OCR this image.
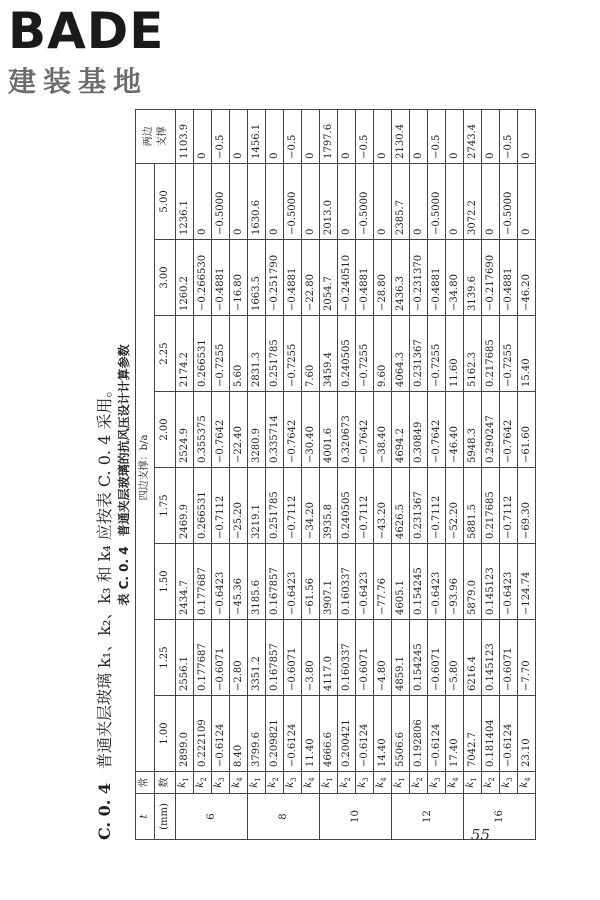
BADE
建装基地
C. 0. 4普通夹层玻璃 k₁、k₂、k₃ 和 k₄ 应按表 C. 0. 4 采用。 表 C. 0. 4普通夹层玻璃的抗风压设计计算参数
t	常	四边支撑：b/a								两边 支撑
(mm)	数									
		1.00	1.25	1.50	1.75	2.00	2.25	3.00	5.00	
6	$k_1$	2899.0	2556.1	2434.7	2469.9	2524.9	2174.2	1260.2	1236.1	1103.9
	$k_2$	0.222109	0.177687	0.177687	0.266531	0.355375	0.266531	−0.266530	0	0
	$k_3$	−0.6124	−0.6071	−0.6423	−0.7112	−0.7642	−0.7255	−0.4881	−0.5000	−0.5
	$k_4$	8.40	−2.80	−45.36	−25.20	−22.40	5.60	−16.80	0	0
8	$k_1$	3799.6	3351.2	3185.6	3219.1	3280.9	2831.3	1663.5	1630.6	1456.1
	$k_2$	0.209821	0.167857	0.167857	0.251785	0.335714	0.251785	−0.251790	0	0
	$k_3$	−0.6124	−0.6071	−0.6423	−0.7112	−0.7642	−0.7255	−0.4881	−0.5000	−0.5
	$k_4$	11.40	−3.80	−61.56	−34.20	−30.40	7.60	−22.80	0	0
10	$k_1$	4666.6	4117.0	3907.1	3935.8	4001.6	3459.4	2054.7	2013.0	1797.6
	$k_2$	0.200421	0.160337	0.160337	0.240505	0.320673	0.240505	−0.240510	0	0
	$k_3$	−0.6124	−0.6071	−0.6423	−0.7112	−0.7642	−0.7255	−0.4881	−0.5000	−0.5
	$k_4$	14.40	−4.80	−77.76	−43.20	−38.40	9.60	−28.80	0	0
12	$k_1$	5506.6	4859.1	4605.1	4626.5	4694.2	4064.3	2436.3	2385.7	2130.4
	$k_2$	0.192806	0.154245	0.154245	0.231367	0.30849	0.231367	−0.231370	0	0
	$k_3$	−0.6124	−0.6071	−0.6423	−0.7112	−0.7642	−0.7255	−0.4881	−0.5000	−0.5
	$k_4$	17.40	−5.80	−93.96	−52.20	−46.40	11.60	−34.80	0	0
16	$k_1$	7042.7	6216.4	5879.0	5881.5	5948.3	5162.3	3139.6	3072.2	2743.4
	$k_2$	0.181404	0.145123	0.145123	0.217685	0.290247	0.217685	−0.217690	0	0
	$k_3$	−0.6124	−0.6071	−0.6423	−0.7112	−0.7642	−0.7255	−0.4881	−0.5000	−0.5
	$k_4$	23.10	−7.70	−124.74	−69.30	−61.60	15.40	−46.20	0	0
55
